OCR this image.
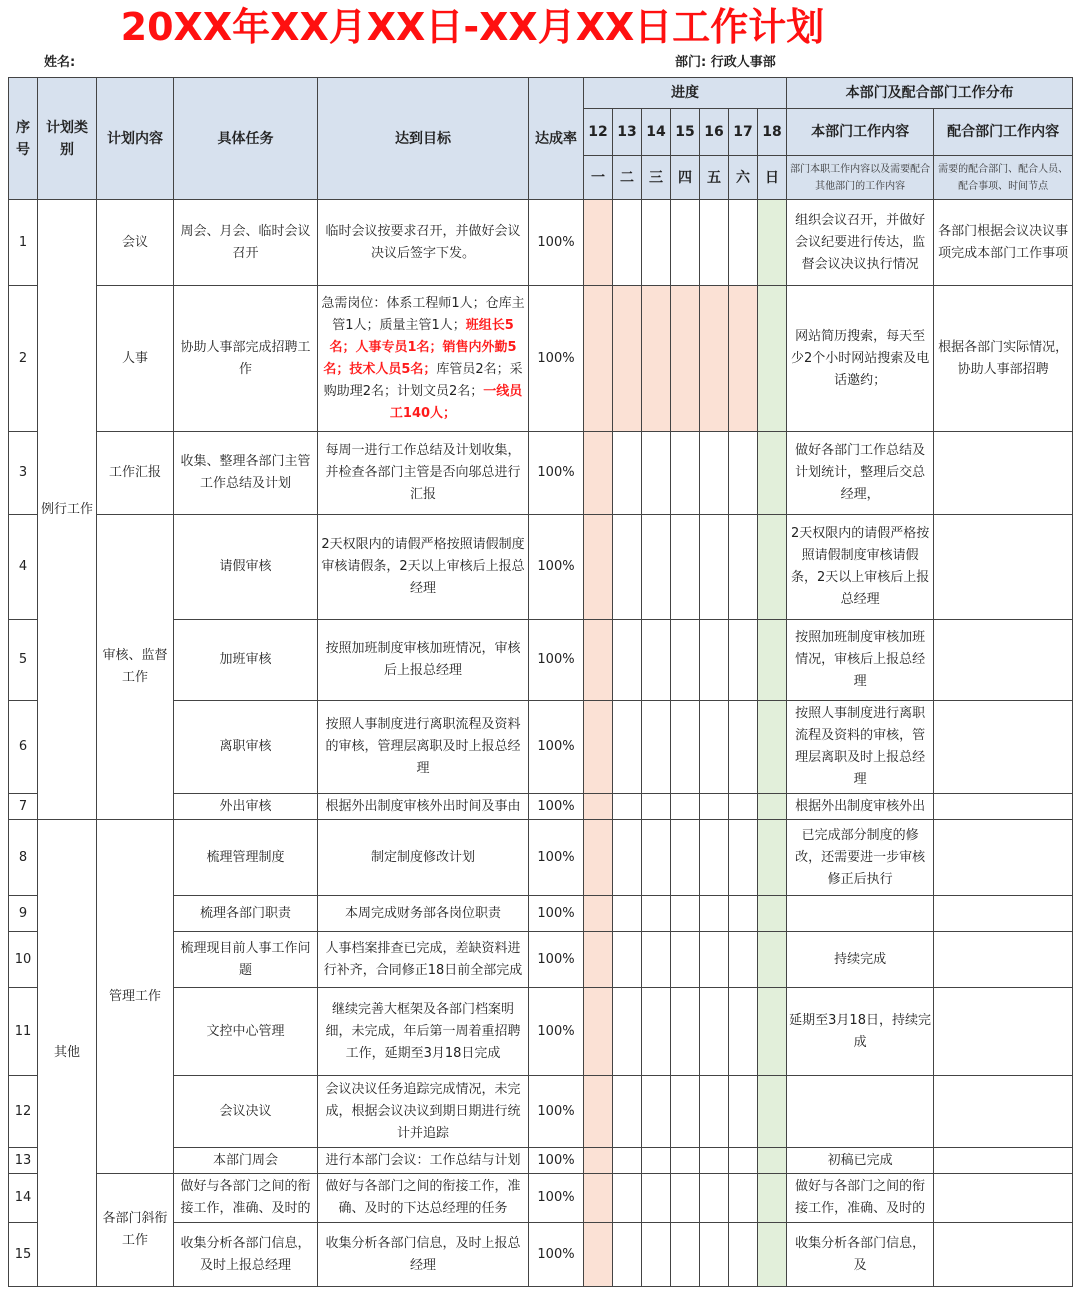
20XX年XX月XX日-XX月XX日工作计划
姓名:	部门: 行政人事部
序号	计划类别	计划内容	具体任务	达到目标	达成率	进度							本部门及配合部门工作分布	
						12	13	14	15	16	17	18	本部门工作内容	配合部门工作内容
						一	二	三	四	五	六	日	部门本职工作内容以及需要配合其他部门的工作内容	需要的配合部门、配合人员、配合事项、时间节点
1	例行工作	会议	周会、月会、临时会议召开	临时会议按要求召开，并做好会议决议后签字下发。	100%								组织会议召开，并做好会议纪要进行传达，监督会议决议执行情况	各部门根据会议决议事项完成本部门工作事项
2		人事	协助人事部完成招聘工作	急需岗位：体系工程师1人；仓库主管1人；质量主管1人；班组长5名；人事专员1名；销售内外勤5名；技术人员5名；库管员2名；采购助理2名；计划文员2名；一线员工140人；	100%								网站简历搜索，每天至少2个小时网站搜索及电话邀约；	根据各部门实际情况，协助人事部招聘
3		工作汇报	收集、整理各部门主管工作总结及计划	每周一进行工作总结及计划收集，并检查各部门主管是否向邬总进行汇报	100%								做好各部门工作总结及计划统计，整理后交总经理，	
4		审核、监督工作	请假审核	2天权限内的请假严格按照请假制度审核请假条，2天以上审核后上报总经理	100%								2天权限内的请假严格按照请假制度审核请假条，2天以上审核后上报总经理	
5			加班审核	按照加班制度审核加班情况，审核后上报总经理	100%								按照加班制度审核加班情况，审核后上报总经理	
6			离职审核	按照人事制度进行离职流程及资料的审核，管理层离职及时上报总经理	100%								按照人事制度进行离职流程及资料的审核，管理层离职及时上报总经理	
7			外出审核	根据外出制度审核外出时间及事由	100%								根据外出制度审核外出	
8	其他	管理工作	梳理管理制度	制定制度修改计划	100%								已完成部分制度的修改，还需要进一步审核修正后执行	
9			梳理各部门职责	本周完成财务部各岗位职责	100%									
10			梳理现目前人事工作问题	人事档案排查已完成，差缺资料进行补齐，合同修正18日前全部完成	100%								持续完成	
11			文控中心管理	继续完善大框架及各部门档案明细，未完成，年后第一周着重招聘工作，延期至3月18日完成	100%								延期至3月18日，持续完成	
12			会议决议	会议决议任务追踪完成情况，未完成，根据会议决议到期日期进行统计并追踪	100%									
13			本部门周会	进行本部门会议：工作总结与计划	100%								初稿已完成	
14		各部门斜衔工作	做好与各部门之间的衔接工作，准确、及时的	做好与各部门之间的衔接工作，准确、及时的下达总经理的任务	100%								做好与各部门之间的衔接工作，准确、及时的	
15			收集分析各部门信息，及时上报总经理	收集分析各部门信息，及时上报总经理	100%								收集分析各部门信息，及	
